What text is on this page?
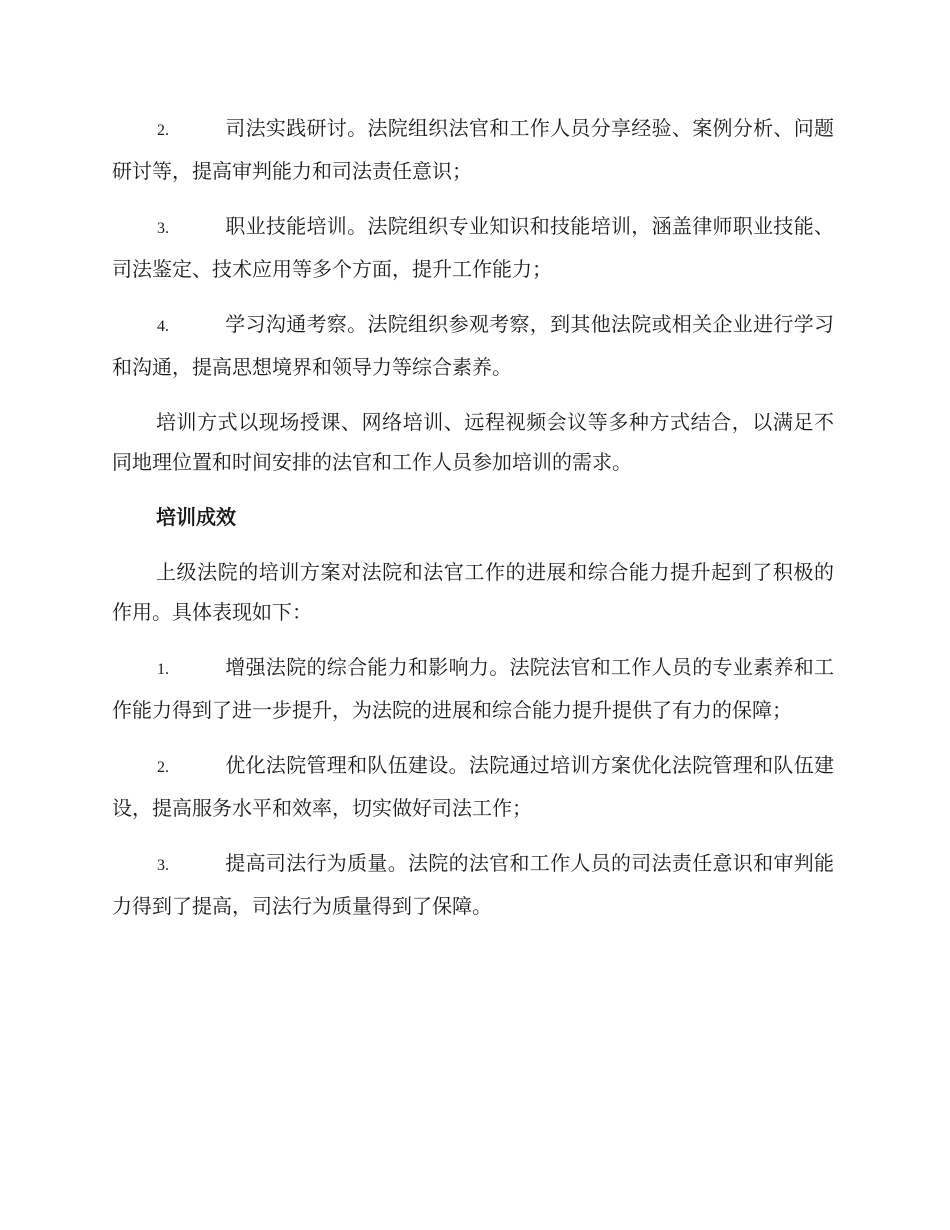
2.	司法实践研讨。法院组织法官和工作人员分享经验、案例分析、问题研讨等，提高审判能力和司法责任意识；

3.	职业技能培训。法院组织专业知识和技能培训，涵盖律师职业技能、司法鉴定、技术应用等多个方面，提升工作能力；

4.	学习沟通考察。法院组织参观考察，到其他法院或相关企业进行学习和沟通，提高思想境界和领导力等综合素养。

培训方式以现场授课、网络培训、远程视频会议等多种方式结合，以满足不同地理位置和时间安排的法官和工作人员参加培训的需求。

培训成效

上级法院的培训方案对法院和法官工作的进展和综合能力提升起到了积极的作用。具体表现如下：

1.	增强法院的综合能力和影响力。法院法官和工作人员的专业素养和工作能力得到了进一步提升，为法院的进展和综合能力提升提供了有力的保障；

2.	优化法院管理和队伍建设。法院通过培训方案优化法院管理和队伍建设，提高服务水平和效率，切实做好司法工作；

3.	提高司法行为质量。法院的法官和工作人员的司法责任意识和审判能力得到了提高，司法行为质量得到了保障。
